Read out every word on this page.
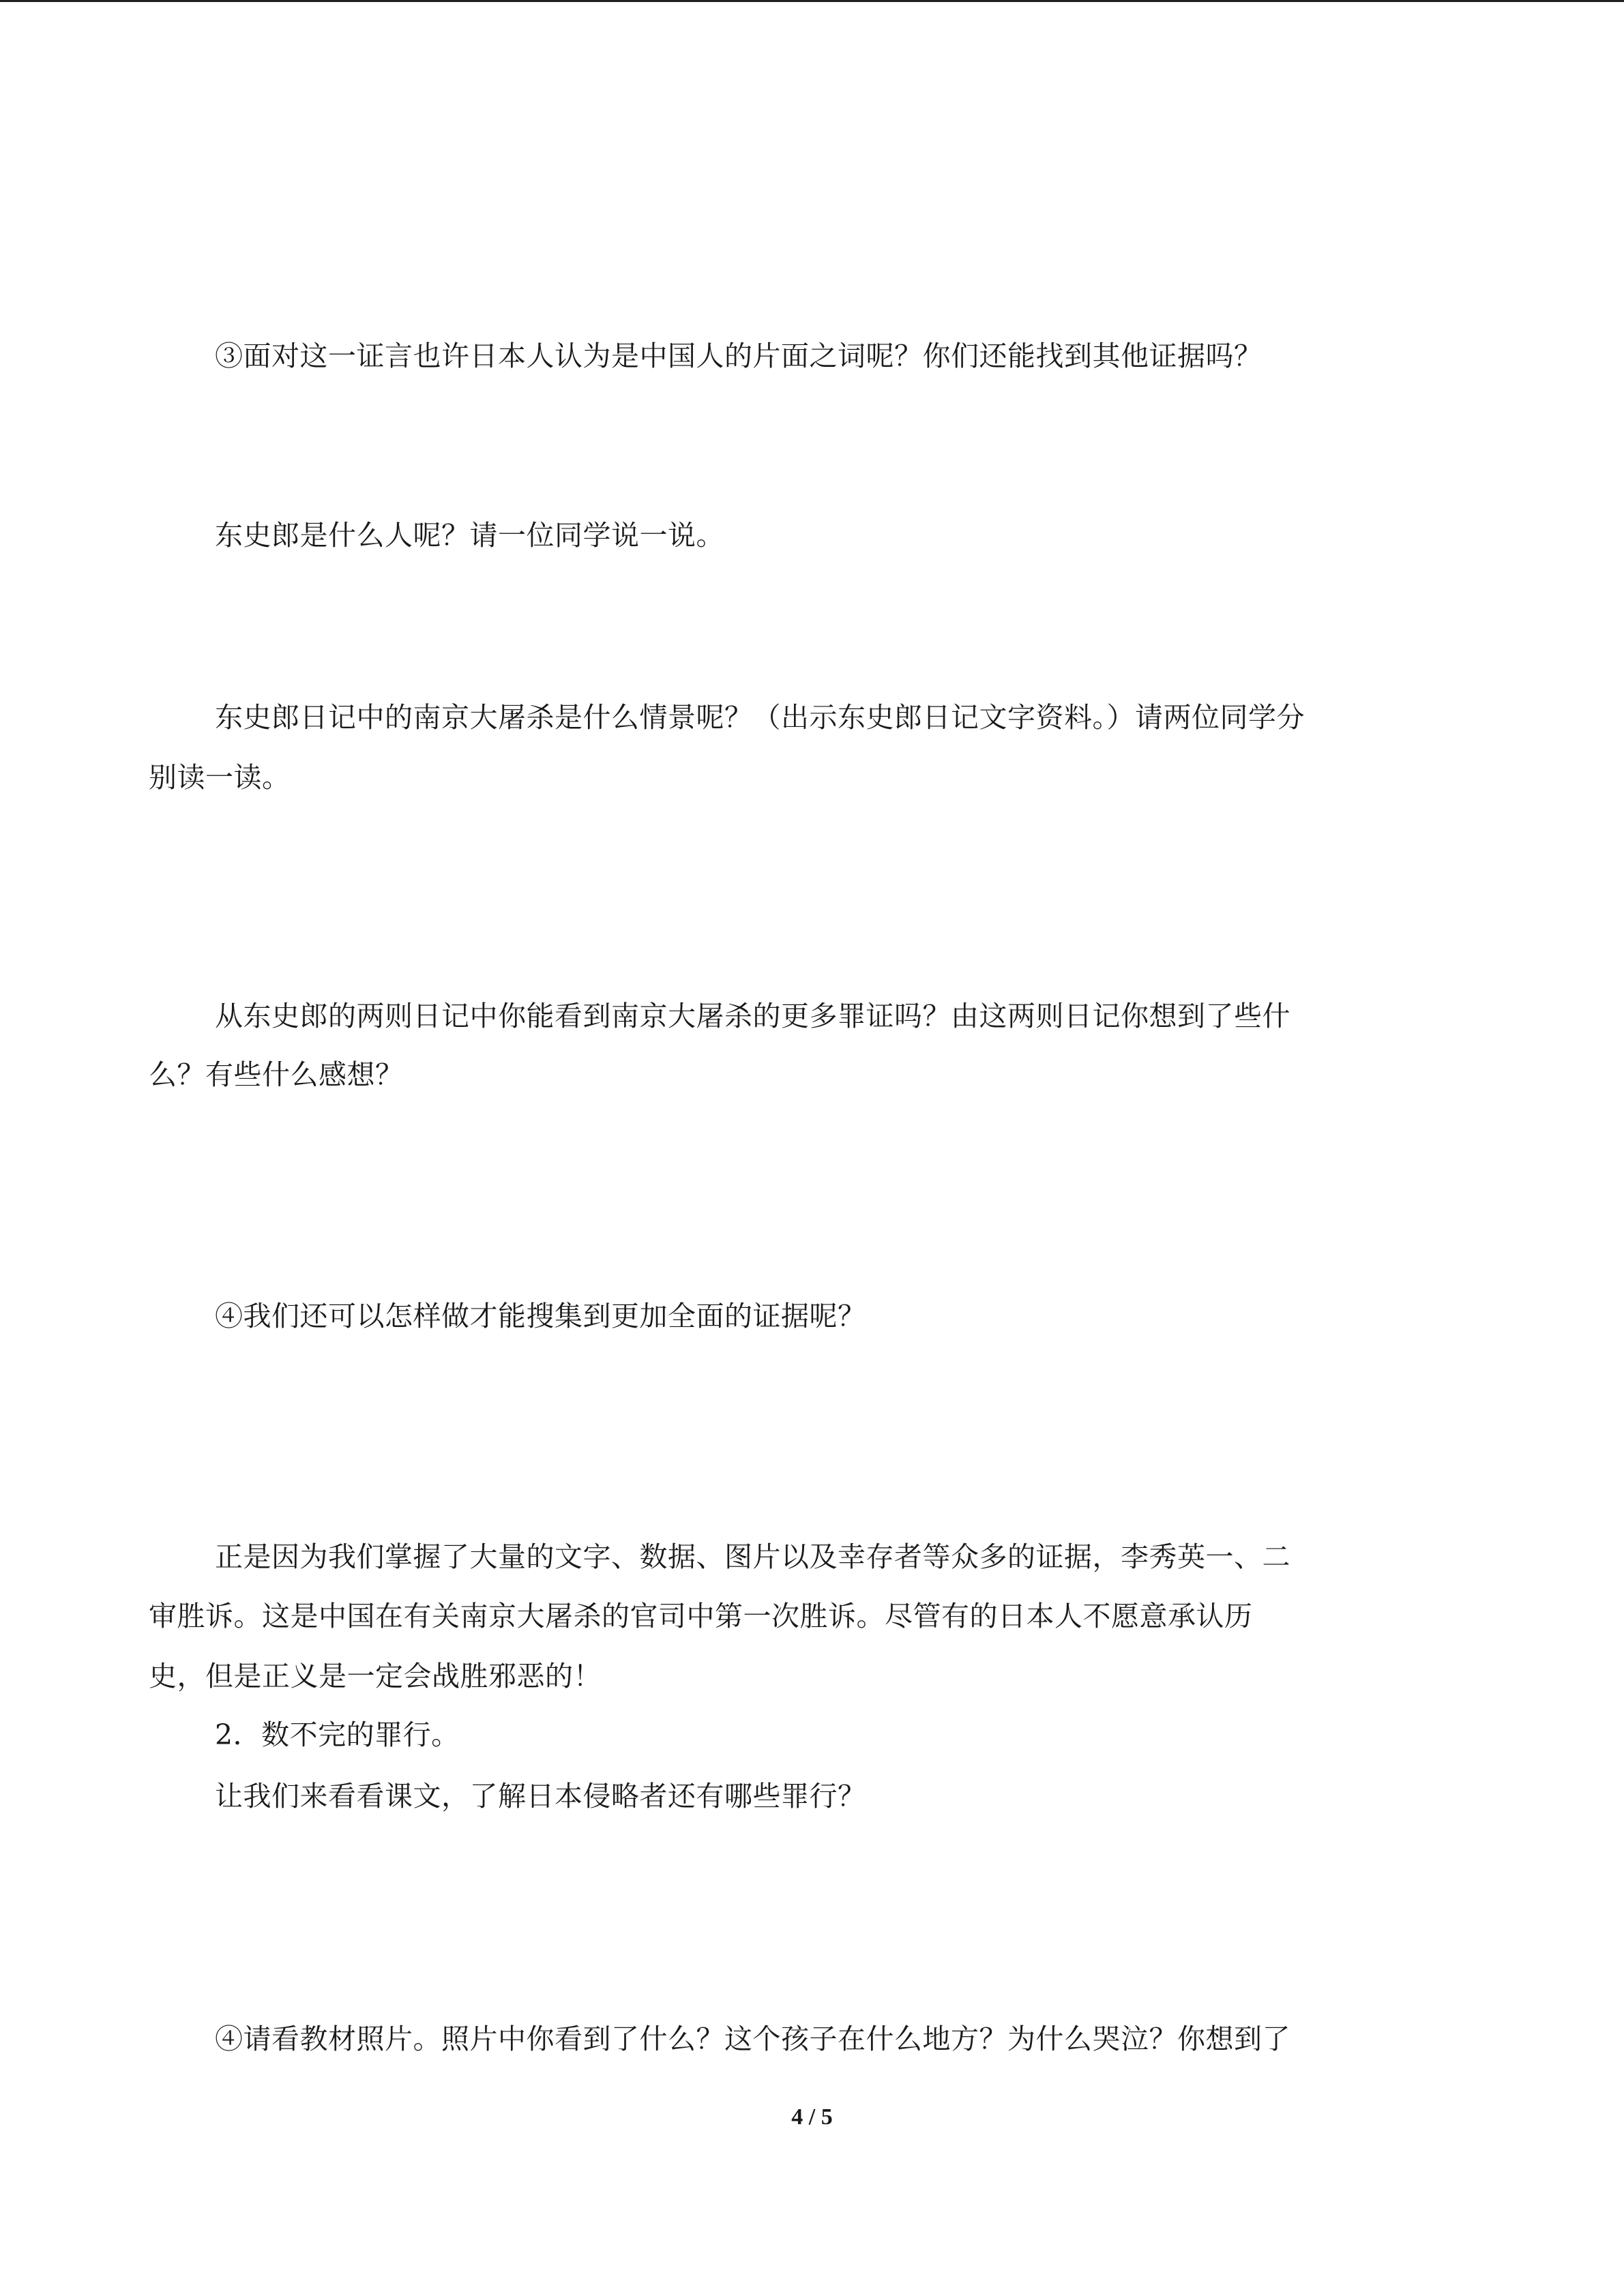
③面对这一证言也许日本人认为是中国人的片面之词呢？你们还能找到其他证据吗？
东史郎是什么人呢？请一位同学说一说。
东史郎日记中的南京大屠杀是什么情景呢？（出示东史郎日记文字资料。）请两位同学分
别读一读。
从东史郎的两则日记中你能看到南京大屠杀的更多罪证吗？由这两则日记你想到了些什
么？有些什么感想？
④我们还可以怎样做才能搜集到更加全面的证据呢？
正是因为我们掌握了大量的文字、数据、图片以及幸存者等众多的证据，李秀英一、二
审胜诉。这是中国在有关南京大屠杀的官司中第一次胜诉。尽管有的日本人不愿意承认历
史，但是正义是一定会战胜邪恶的！
2．数不完的罪行。
让我们来看看课文，了解日本侵略者还有哪些罪行？
④请看教材照片。照片中你看到了什么？这个孩子在什么地方？为什么哭泣？你想到了
4 / 5
